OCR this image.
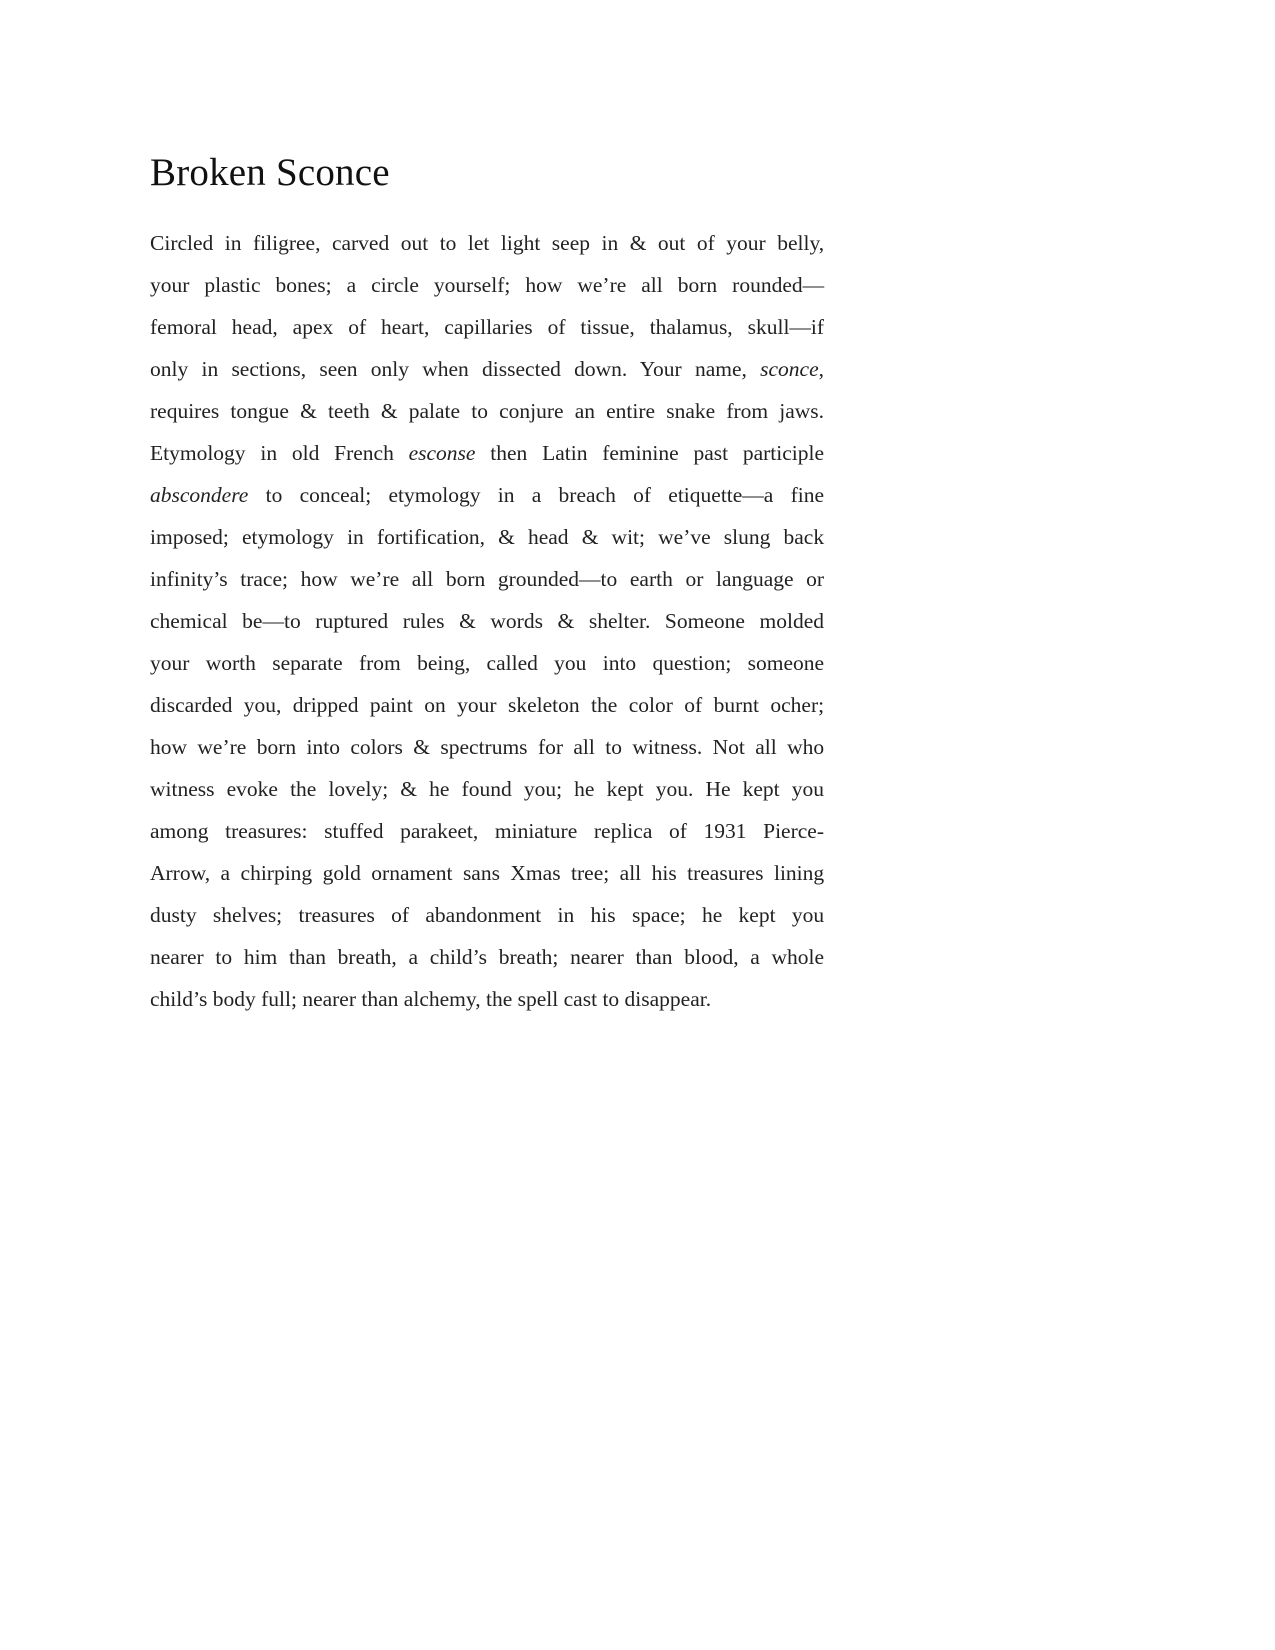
Broken Sconce
Circled in filigree, carved out to let light seep in & out of your belly,
your plastic bones; a circle yourself; how we’re all born rounded—
femoral head, apex of heart, capillaries of tissue, thalamus, skull—if
only in sections, seen only when dissected down. Your name, sconce,
requires tongue & teeth & palate to conjure an entire snake from jaws.
Etymology in old French esconse then Latin feminine past participle
abscondere to conceal; etymology in a breach of etiquette—a fine
imposed; etymology in fortification, & head & wit; we’ve slung back
infinity’s trace; how we’re all born grounded—to earth or language or
chemical be—to ruptured rules & words & shelter. Someone molded
your worth separate from being, called you into question; someone
discarded you, dripped paint on your skeleton the color of burnt ocher;
how we’re born into colors & spectrums for all to witness. Not all who
witness evoke the lovely; & he found you; he kept you. He kept you
among treasures: stuffed parakeet, miniature replica of 1931 Pierce-
Arrow, a chirping gold ornament sans Xmas tree; all his treasures lining
dusty shelves; treasures of abandonment in his space; he kept you
nearer to him than breath, a child’s breath; nearer than blood, a whole
child’s body full; nearer than alchemy, the spell cast to disappear.
